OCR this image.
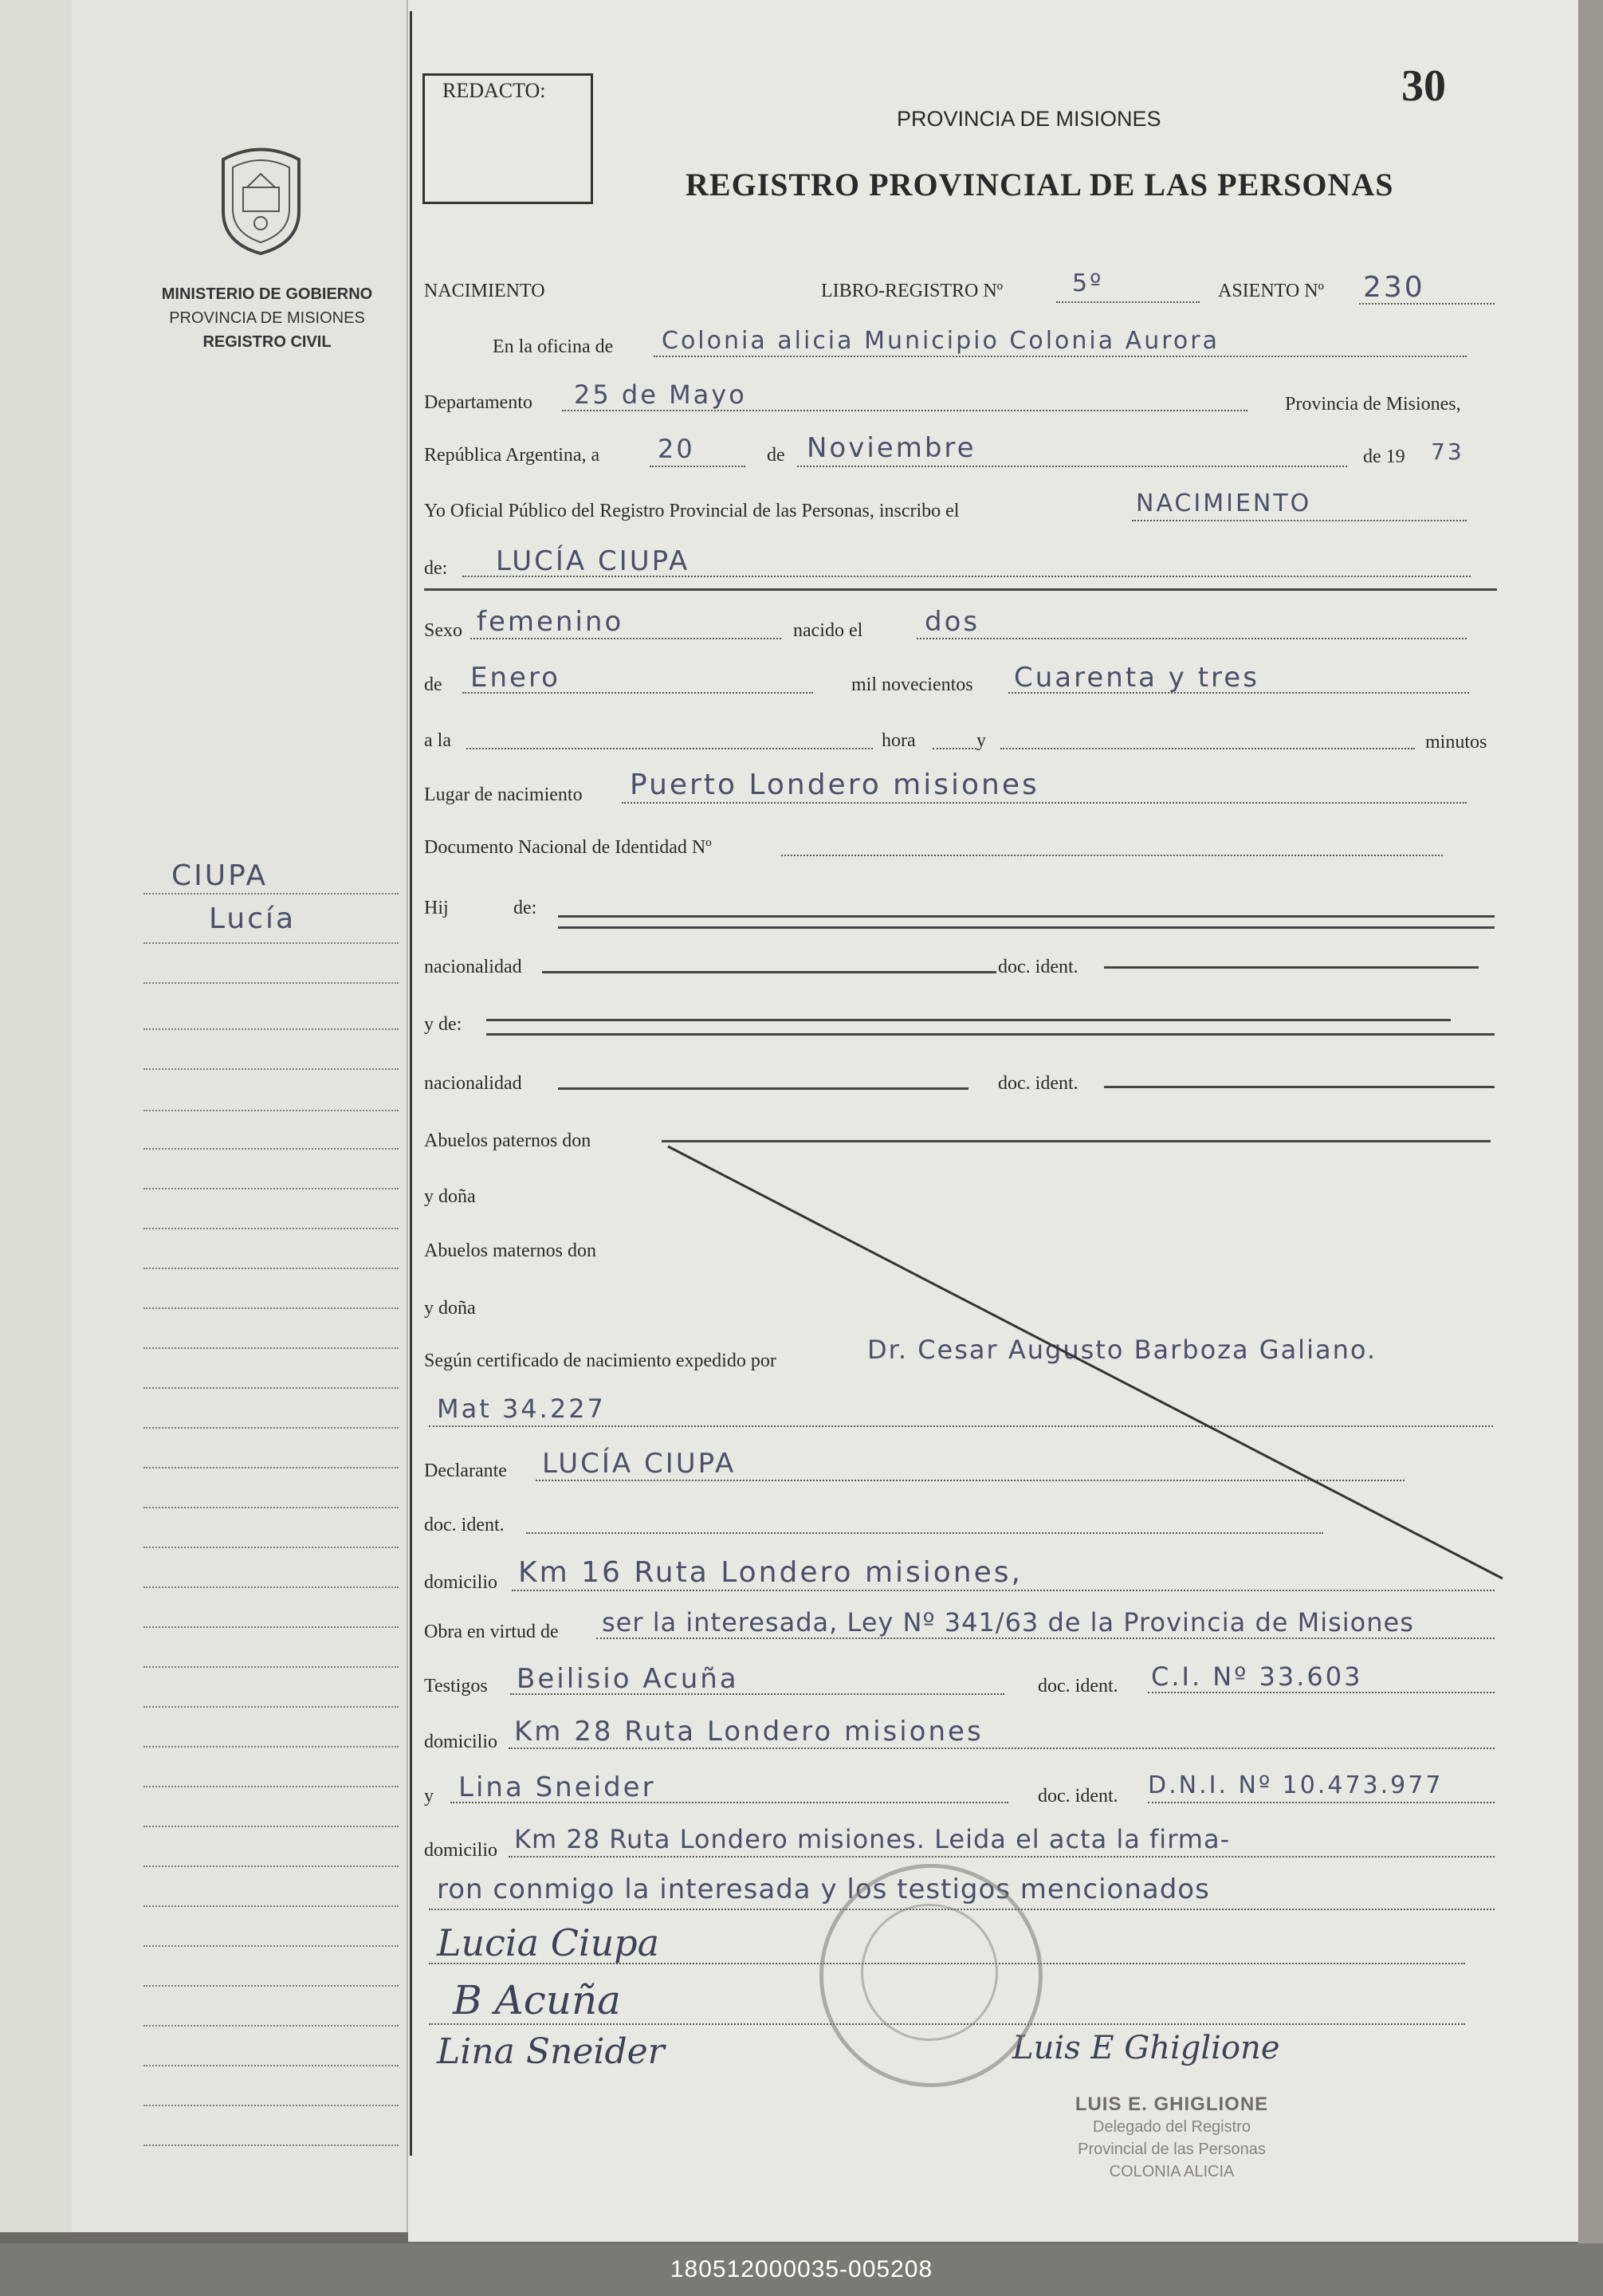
MINISTERIO DE GOBIERNO
PROVINCIA DE MISIONES
REGISTRO CIVIL
CIUPA
Lucía
REDACTO:	30
PROVINCIA DE MISIONES
REGISTRO PROVINCIAL DE LAS PERSONAS
NACIMIENTO	LIBRO-REGISTRO Nº	5º	ASIENTO Nº 230
En la oficina de Colonia alicia Municipio Colonia Aurora
Departamento 25 de Mayo	Provincia de Misiones,
República Argentina, a 20	de Noviembre	de 19 73
Yo Oficial Público del Registro Provincial de las Personas, inscribo el	NACIMIENTO
de: LUCÍA CIUPA
Sexo femenino	nacido el dos
de Enero	mil novecientos Cuarenta y tres
a la	hora	y	minutos
Lugar de nacimiento Puerto Londero misiones
Documento Nacional de Identidad Nº
Hij	de:
nacionalidad	doc. ident.
y de:
nacionalidad	doc. ident.
Abuelos paternos don
y doña
Abuelos maternos don
y doña
Según certificado de nacimiento expedido por	Dr. Cesar Augusto Barboza Galiano.
Mat 34.227
Declarante LUCÍA CIUPA
doc. ident.
domicilio Km 16 Ruta Londero misiones,
Obra en virtud de ser la interesada, Ley Nº 341/63 de la Provincia de Misiones
Testigos Beilisio Acuña	doc. ident. C.I. Nº 33.603
domicilio Km 28 Ruta Londero misiones
y Lina Sneider	doc. ident. D.N.I. Nº 10.473.977
domicilio Km 28 Ruta Londero misiones. Leida el acta la firma-
ron conmigo la interesada y los testigos mencionados
Lucia Ciupa
B Acuña
Lina Sneider	Luis E Ghiglione
LUIS E. GHIGLIONE
Delegado del Registro
Provincial de las Personas
COLONIA ALICIA
180512000035-005208
